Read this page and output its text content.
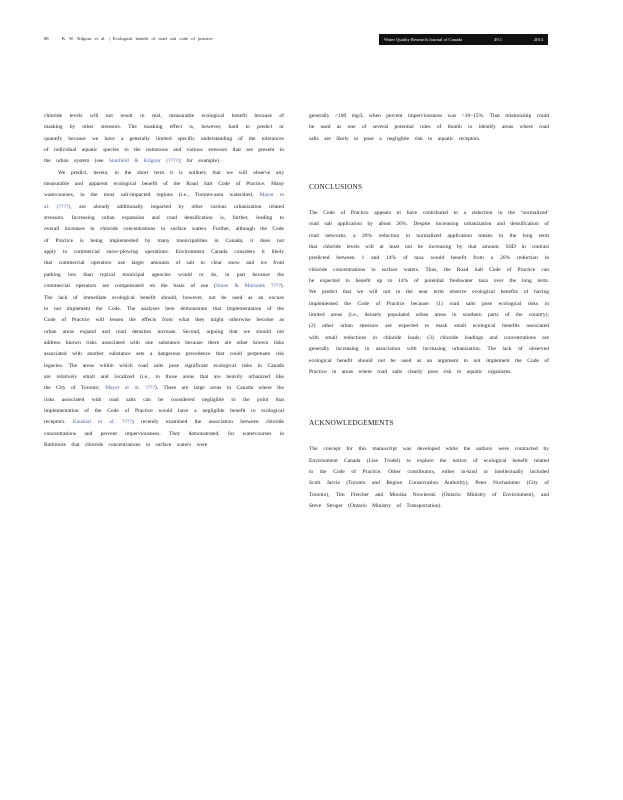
88	B. W. Kilgour et al. | Ecological benefit of road salt code of practice	Water Quality Research Journal of Canada	49.1	2014

chloride levels will not result in real, measurable ecological benefit because of masking by other stressors. The masking effect is, however, hard to predict or quantify because we have a generally limited specific understanding of the tolerances of individual aquatic species to the numerous and various stressors that are present in the urban system (see Stanfield & Kilgour (????); for example).

We predict, herein, in the short term it is unlikely that we will observe any measurable and apparent ecological benefit of the Road Salt Code of Practice. Many watercourses, in the most salt-impacted regions (i.e., Toronto-area watershed, Mayer et al. (????), are already additionally impacted by other various urbanization related stressors. Increasing urban expansion and road densification is, further, leading to overall increases in chloride concentrations in surface waters. Further, although the Code of Practice is being implemented by many municipalities in Canada, it does not apply to commercial snow-plowing operations. Environment Canada considers it likely that commercial operators use larger amounts of salt to clear snow and ice from parking lots than typical municipal agencies would or do, in part because the commercial operators are compensated on the basis of use (Stone & Marsalek ????). The lack of immediate ecological benefit should, however, not be used as an excuse to not implement the Code. The analyses here demonstrate that implementation of the Code of Practice will lessen the effects from what they might otherwise become as urban areas expand and road densities increase. Second, arguing that we should not address known risks associated with one substance because there are other known risks associated with another substance sets a dangerous precedence that could perpetuate risk legacies. The areas within which road salts pose significant ecological risks in Canada are relatively small and localized (i.e., to those areas that are heavily urbanized like the City of Toronto; Mayer et al. ????). There are large areas in Canada where the risks associated with road salts can be considered negligible to the point that implementation of the Code of Practice would have a negligible benefit to ecological receptors. Kaushal et al. ????) recently examined the association between chloride concentrations and percent imperviousness. They demonstrated, for watercourses in Baltimore that chloride concentrations in surface waters were

generally <100 mg/L when percent imperviousness was <10–15%. That relationship could be used as one of several potential rules of thumb to identify areas where road salts are likely to pose a negligible risk to aquatic receptors.

CONCLUSIONS

The Code of Practice appears to have contributed to a reduction in the ‘normalized’ road salt application by about 26%. Despite increasing urbanization and densification of road networks, a 26% reduction in normalized application means in the long term that chloride levels will at least not be increasing by that amount. SSD in contrast predicted between 1 and 14% of taxa would benefit from a 26% reduction in chloride concentrations in surface waters. Thus, the Road Salt Code of Practice can be expected to benefit up to 14% of potential freshwater taxa over the long term. We predict that we will not in the near term observe ecological benefits of having implemented the Code of Practice because: (1) road salts pose ecological risks in limited areas (i.e., densely populated urban areas in southern parts of the country); (2) other urban stressors are expected to mask small ecological benefits associated with small reductions in chloride loads; (3) chloride loadings and concentrations are generally increasing in association with increasing urbanization. The lack of observed ecological benefit should not be used as an argument to not implement the Code of Practice in areas where road salts clearly pose risk to aquatic organisms.

ACKNOWLEDGEMENTS

The concept for this manuscript was developed while the authors were contracted by Environment Canada (Lise Trudel) to explore the notion of ecological benefit related to the Code of Practice. Other contributors, either in-kind or intellectually included Scott Jarvie (Toronto and Region Conservation Authority), Peter Nochammer (City of Toronto), Tim Fletcher and Monika Nowierski (Ontario Ministry of Environment), and Steve Struger (Ontario Ministry of Transportation).
